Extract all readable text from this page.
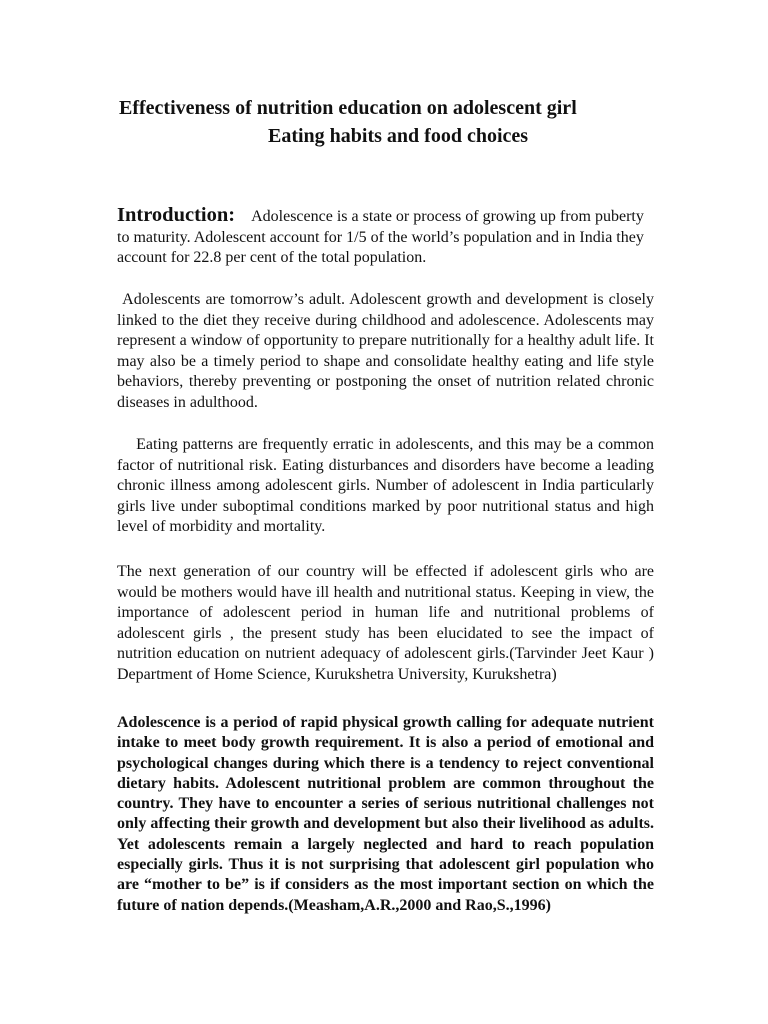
Effectiveness of nutrition education on adolescent girl
Eating habits and food choices

Introduction: Adolescence is a state or process of growing up from puberty to maturity. Adolescent account for 1/5 of the world’s population and in India they account for 22.8 per cent of the total population.

Adolescents are tomorrow’s adult. Adolescent growth and development is closely linked to the diet they receive during childhood and adolescence. Adolescents may represent a window of opportunity to prepare nutritionally for a healthy adult life. It may also be a timely period to shape and consolidate healthy eating and life style behaviors, thereby preventing or postponing the onset of nutrition related chronic diseases in adulthood.

Eating patterns are frequently erratic in adolescents, and this may be a common factor of nutritional risk. Eating disturbances and disorders have become a leading chronic illness among adolescent girls. Number of adolescent in India particularly girls live under suboptimal conditions marked by poor nutritional status and high level of morbidity and mortality.

The next generation of our country will be effected if adolescent girls who are would be mothers would have ill health and nutritional status. Keeping in view, the importance of adolescent period in human life and nutritional problems of adolescent girls , the present study has been elucidated to see the impact of nutrition education on nutrient adequacy of adolescent girls.(Tarvinder Jeet Kaur ) Department of Home Science, Kurukshetra University, Kurukshetra)

Adolescence is a period of rapid physical growth calling for adequate nutrient intake to meet body growth requirement. It is also a period of emotional and psychological changes during which there is a tendency to reject conventional dietary habits. Adolescent nutritional problem are common throughout the country. They have to encounter a series of serious nutritional challenges not only affecting their growth and development but also their livelihood as adults. Yet adolescents remain a largely neglected and hard to reach population especially girls. Thus it is not surprising that adolescent girl population who are “mother to be” is if considers as the most important section on which the future of nation depends.(Measham,A.R.,2000 and Rao,S.,1996)
